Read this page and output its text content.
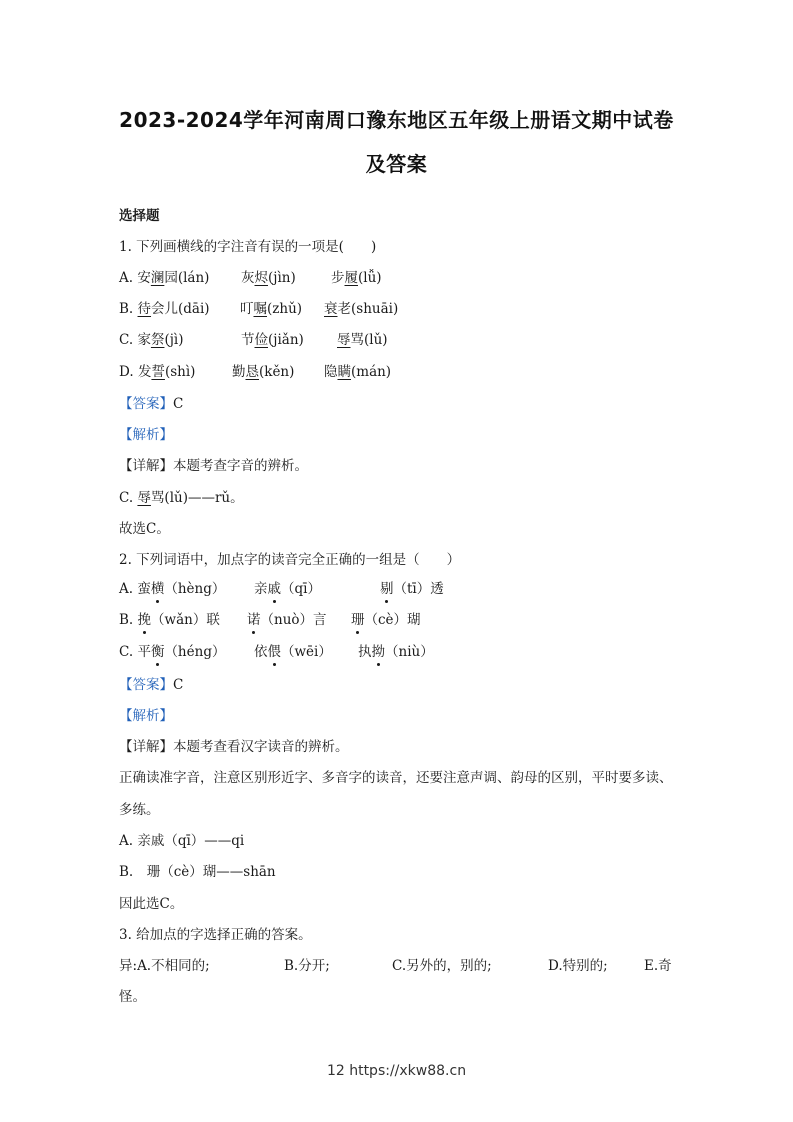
2023-2024学年河南周口豫东地区五年级上册语文期中试卷
及答案
选择题
1. 下列画横线的字注音有误的一项是(　　)
A. 安澜园(lán) 灰烬(jìn)	步履(lǚ)
B. 待会儿(dāi) 叮嘱(zhǔ) 衰老(shuāi)
C. 家祭(jì)	节俭(jiǎn) 辱骂(lǔ)
D. 发誓(shì)	勤恳(kěn) 隐瞒(mán)
【答案】C
【解析】
【详解】本题考查字音的辨析。
C. 辱骂(lǔ)——rǔ。
故选C。
2. 下列词语中，加点字的读音完全正确的一组是（　　）
A. 蛮横（hèng） 亲戚（qī）	剔（tī）透
B. 挽（wǎn）联 诺（nuò）言 珊（cè）瑚
C. 平衡（héng） 依偎（wēi） 执拗（niù）
【答案】C
【解析】
【详解】本题考查看汉字读音的辨析。
正确读准字音，注意区别形近字、多音字的读音，还要注意声调、韵母的区别，平时要多读、
多练。
A. 亲戚（qī）——qi
B.　珊（cè）瑚——shān
因此选C。
3. 给加点的字选择正确的答案。
异:A.不相同的;	B.分开;	C.另外的，别的;	D.特别的;	E.奇
怪。
12 https://xkw88.cn
